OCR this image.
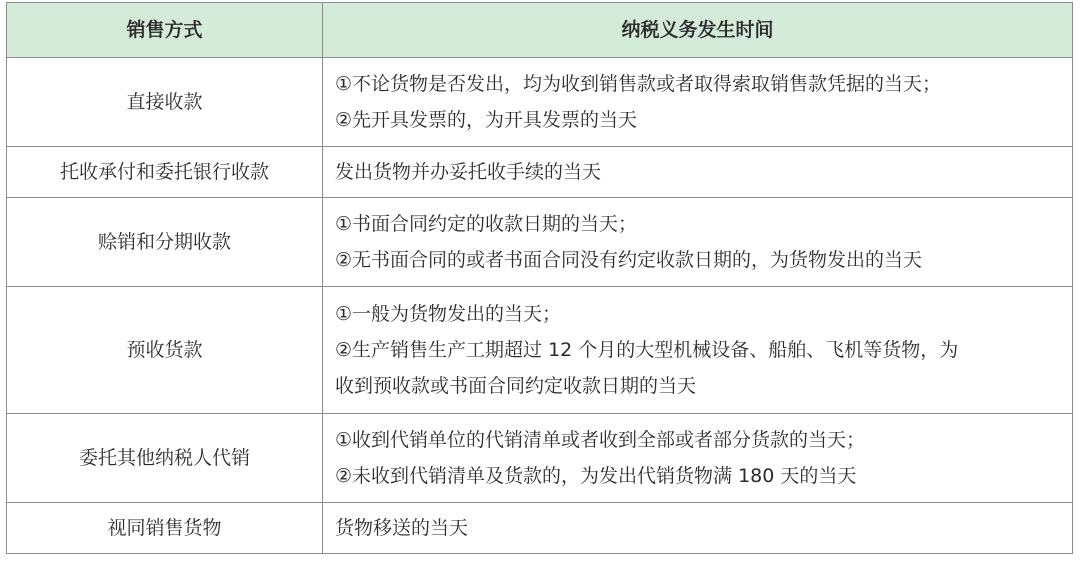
销售方式	纳税义务发生时间
直接收款	①不论货物是否发出，均为收到销售款或者取得索取销售款凭据的当天；
②先开具发票的，为开具发票的当天

托收承付和委托银行收款	发出货物并办妥托收手续的当天

赊销和分期收款	①书面合同约定的收款日期的当天；
②无书面合同的或者书面合同没有约定收款日期的，为货物发出的当天

预收货款	①一般为货物发出的当天；
②生产销售生产工期超过 12 个月的大型机械设备、船舶、飞机等货物，为
收到预收款或书面合同约定收款日期的当天

委托其他纳税人代销	①收到代销单位的代销清单或者收到全部或者部分货款的当天；
②未收到代销清单及货款的，为发出代销货物满 180 天的当天

视同销售货物	货物移送的当天
